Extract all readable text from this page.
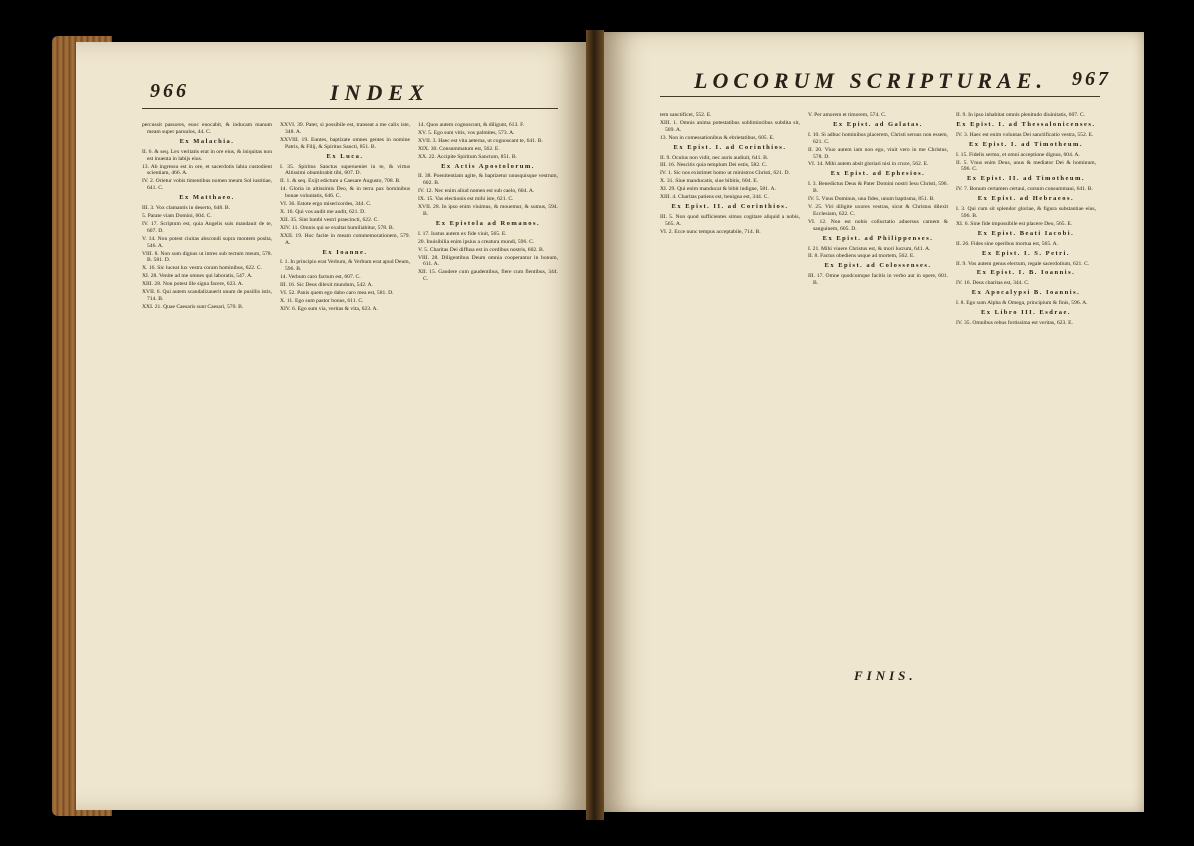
966	INDEX

percussit passores, euoc euocabit, & inducam manum meam super paruulos, 44. C.

Ex Malachia.

II. 6. & seq. Lex veritatis erat in ore eius, & iniquitas non est inuenta in labijs eius.

13. Ab ingressu est in ore, et sacerdotis labia custodient scientiam, 466. A.

IV. 2. Orietur vobis timentibus nomen meum Sol iustitiae, 641. C.

Ex Matthaeo.

III. 3. Vox clamantis in deserto, 648. B.

5. Parate viam Domini, 604. C.

IV. 17. Scriptum est, quia Angelis suis mandauit de te, 607. D.

V. 14. Non potest ciuitas abscondi supra montem posita, 546. A.

VIII. 8. Non sum dignus ut intres sub tectum meum, 578. B. 581. D.

X. 16. Sic luceat lux vestra coram hominibus, 622. C.

XI. 28. Venite ad me omnes qui laboratis, 547. A.

XIII. 28. Non potest ille signa facere, 623. A.

XVII. 6. Qui autem scandalizauerit unum de pusillis istis, 714. B.

XXI. 21. Quae Caesaris sunt Caesari, 570. B.

XXVI. 39. Pater, si possibile est, transeat a me calix iste, 348. A.

XXVIII. 19. Euntes, baptizate omnes gentes in nomine Patris, & Filij, & Spiritus Sancti, 851. B.

Ex Luca.

I. 35. Spiritus Sanctus superueniet in te, & virtus Altissimi obumbrabit tibi, 607. D.

II. 1. & seq. Exijt edictum a Caesare Augusto, 708. B.

14. Gloria in altissimis Deo, & in terra pax hominibus bonae voluntatis, 646. C.

VI. 36. Estote ergo misericordes, 344. C.

X. 16. Qui vos audit me audit, 621. D.

XII. 35. Sint lumbi vestri praecincti, 622. C.

XIV. 11. Omnis qui se exaltat humiliabitur, 578. B.

XXII. 19. Hoc facite in meam commemorationem, 579. A.

Ex Ioanne.

I. 1. In principio erat Verbum, & Verbum erat apud Deum, 596. B.

14. Verbum caro factum est, 607. C.

III. 16. Sic Deus dilexit mundum, 542. A.

VI. 52. Panis quem ego dabo caro mea est, 581. D.

X. 11. Ego sum pastor bonus, 611. C.

XIV. 6. Ego sum via, veritas & vita, 623. A.

14. Quos autem cognoscunt, & diligunt, 613. F.

XV. 5. Ego sum vitis, vos palmites, 573. A.

XVII. 3. Haec est vita aeterna, ut cognoscant te, 641. B.

XIX. 30. Consummatum est, 562. E.

XX. 22. Accipite Spiritum Sanctum, 851. B.

Ex Actis Apostolorum.

II. 38. Poenitentiam agite, & baptizetur unusquisque vestrum, 602. B.

IV. 12. Nec enim aliud nomen est sub caelo, 604. A.

IX. 15. Vas electionis est mihi iste, 621. C.

XVII. 28. In ipso enim viuimus, & mouemur, & sumus, 594. B.

Ex Epistola ad Romanos.

I. 17. Iustus autem ex fide viuit, 565. E.

20. Inuisibilia enim ipsius a creatura mundi, 596. C.

V. 5. Charitas Dei diffusa est in cordibus nostris, 602. B.

VIII. 28. Diligentibus Deum omnia cooperantur in bonum, 611. A.

XII. 15. Gaudere cum gaudentibus, flere cum flentibus, 344. C.

LOCORUM SCRIPTURAE. 967

tem sanctificet, 552. E.

XIII. 1. Omnis anima potestatibus sublimioribus subdita sit, 569. A.

13. Non in comessationibus & ebrietatibus, 605. E.

Ex Epist. I. ad Corinthios.

II. 9. Oculus non vidit, nec auris audiuit, 641. B.

III. 16. Nescitis quia templum Dei estis, 582. C.

IV. 1. Sic nos existimet homo ut ministros Christi, 621. D.

X. 31. Siue manducatis, siue bibitis, 604. E.

XI. 29. Qui enim manducat & bibit indigne, 581. A.

XIII. 4. Charitas patiens est, benigna est, 344. C.

Ex Epist. II. ad Corinthios.

III. 5. Non quod sufficientes simus cogitare aliquid a nobis, 565. A.

VI. 2. Ecce nunc tempus acceptabile, 714. B.

V. Per amorem et timorem, 574. C.

Ex Epist. ad Galatas.

I. 10. Si adhuc hominibus placerem, Christi seruus non essem, 621. C.

II. 20. Viuo autem iam non ego, viuit vero in me Christus, 578. D.

VI. 14. Mihi autem absit gloriari nisi in cruce, 562. E.

Ex Epist. ad Ephesios.

I. 3. Benedictus Deus & Pater Domini nostri Iesu Christi, 596. B.

IV. 5. Vnus Dominus, una fides, unum baptisma, 851. B.

V. 25. Viri diligite uxores vestras, sicut & Christus dilexit Ecclesiam, 622. C.

VI. 12. Non est nobis colluctatio aduersus carnem & sanguinem, 605. D.

Ex Epist. ad Philippenses.

I. 21. Mihi viuere Christus est, & mori lucrum, 641. A.

II. 8. Factus obediens usque ad mortem, 562. E.

Ex Epist. ad Colossenses.

III. 17. Omne quodcumque facitis in verbo aut in opere, 601. B.

II. 9. In ipso inhabitat omnis plenitudo diuinitatis, 607. C.

Ex Epist. I. ad Thessalonicenses.

IV. 3. Haec est enim voluntas Dei sanctificatio vestra, 552. E.

Ex Epist. I. ad Timotheum.

I. 15. Fidelis sermo, et omni acceptione dignus, 604. A.

II. 5. Vnus enim Deus, unus & mediator Dei & hominum, 596. C.

Ex Epist. II. ad Timotheum.

IV. 7. Bonum certamen certaui, cursum consummaui, 641. B.

Ex Epist. ad Hebraeos.

I. 3. Qui cum sit splendor gloriae, & figura substantiae eius, 596. B.

XI. 6. Sine fide impossibile est placere Deo, 565. E.

Ex Epist. Beati Iacobi.

II. 26. Fides sine operibus mortua est, 565. A.

Ex Epist. I. S. Petri.

II. 9. Vos autem genus electum, regale sacerdotium, 621. C.

Ex Epist. I. B. Ioannis.

IV. 16. Deus charitas est, 344. C.

Ex Apocalypsi B. Ioannis.

I. 8. Ego sum Alpha & Omega, principium & finis, 596. A.

Ex Libro III. Esdrae.

IV. 35. Omnibus rebus fortissima est veritas, 623. E.

FINIS.
